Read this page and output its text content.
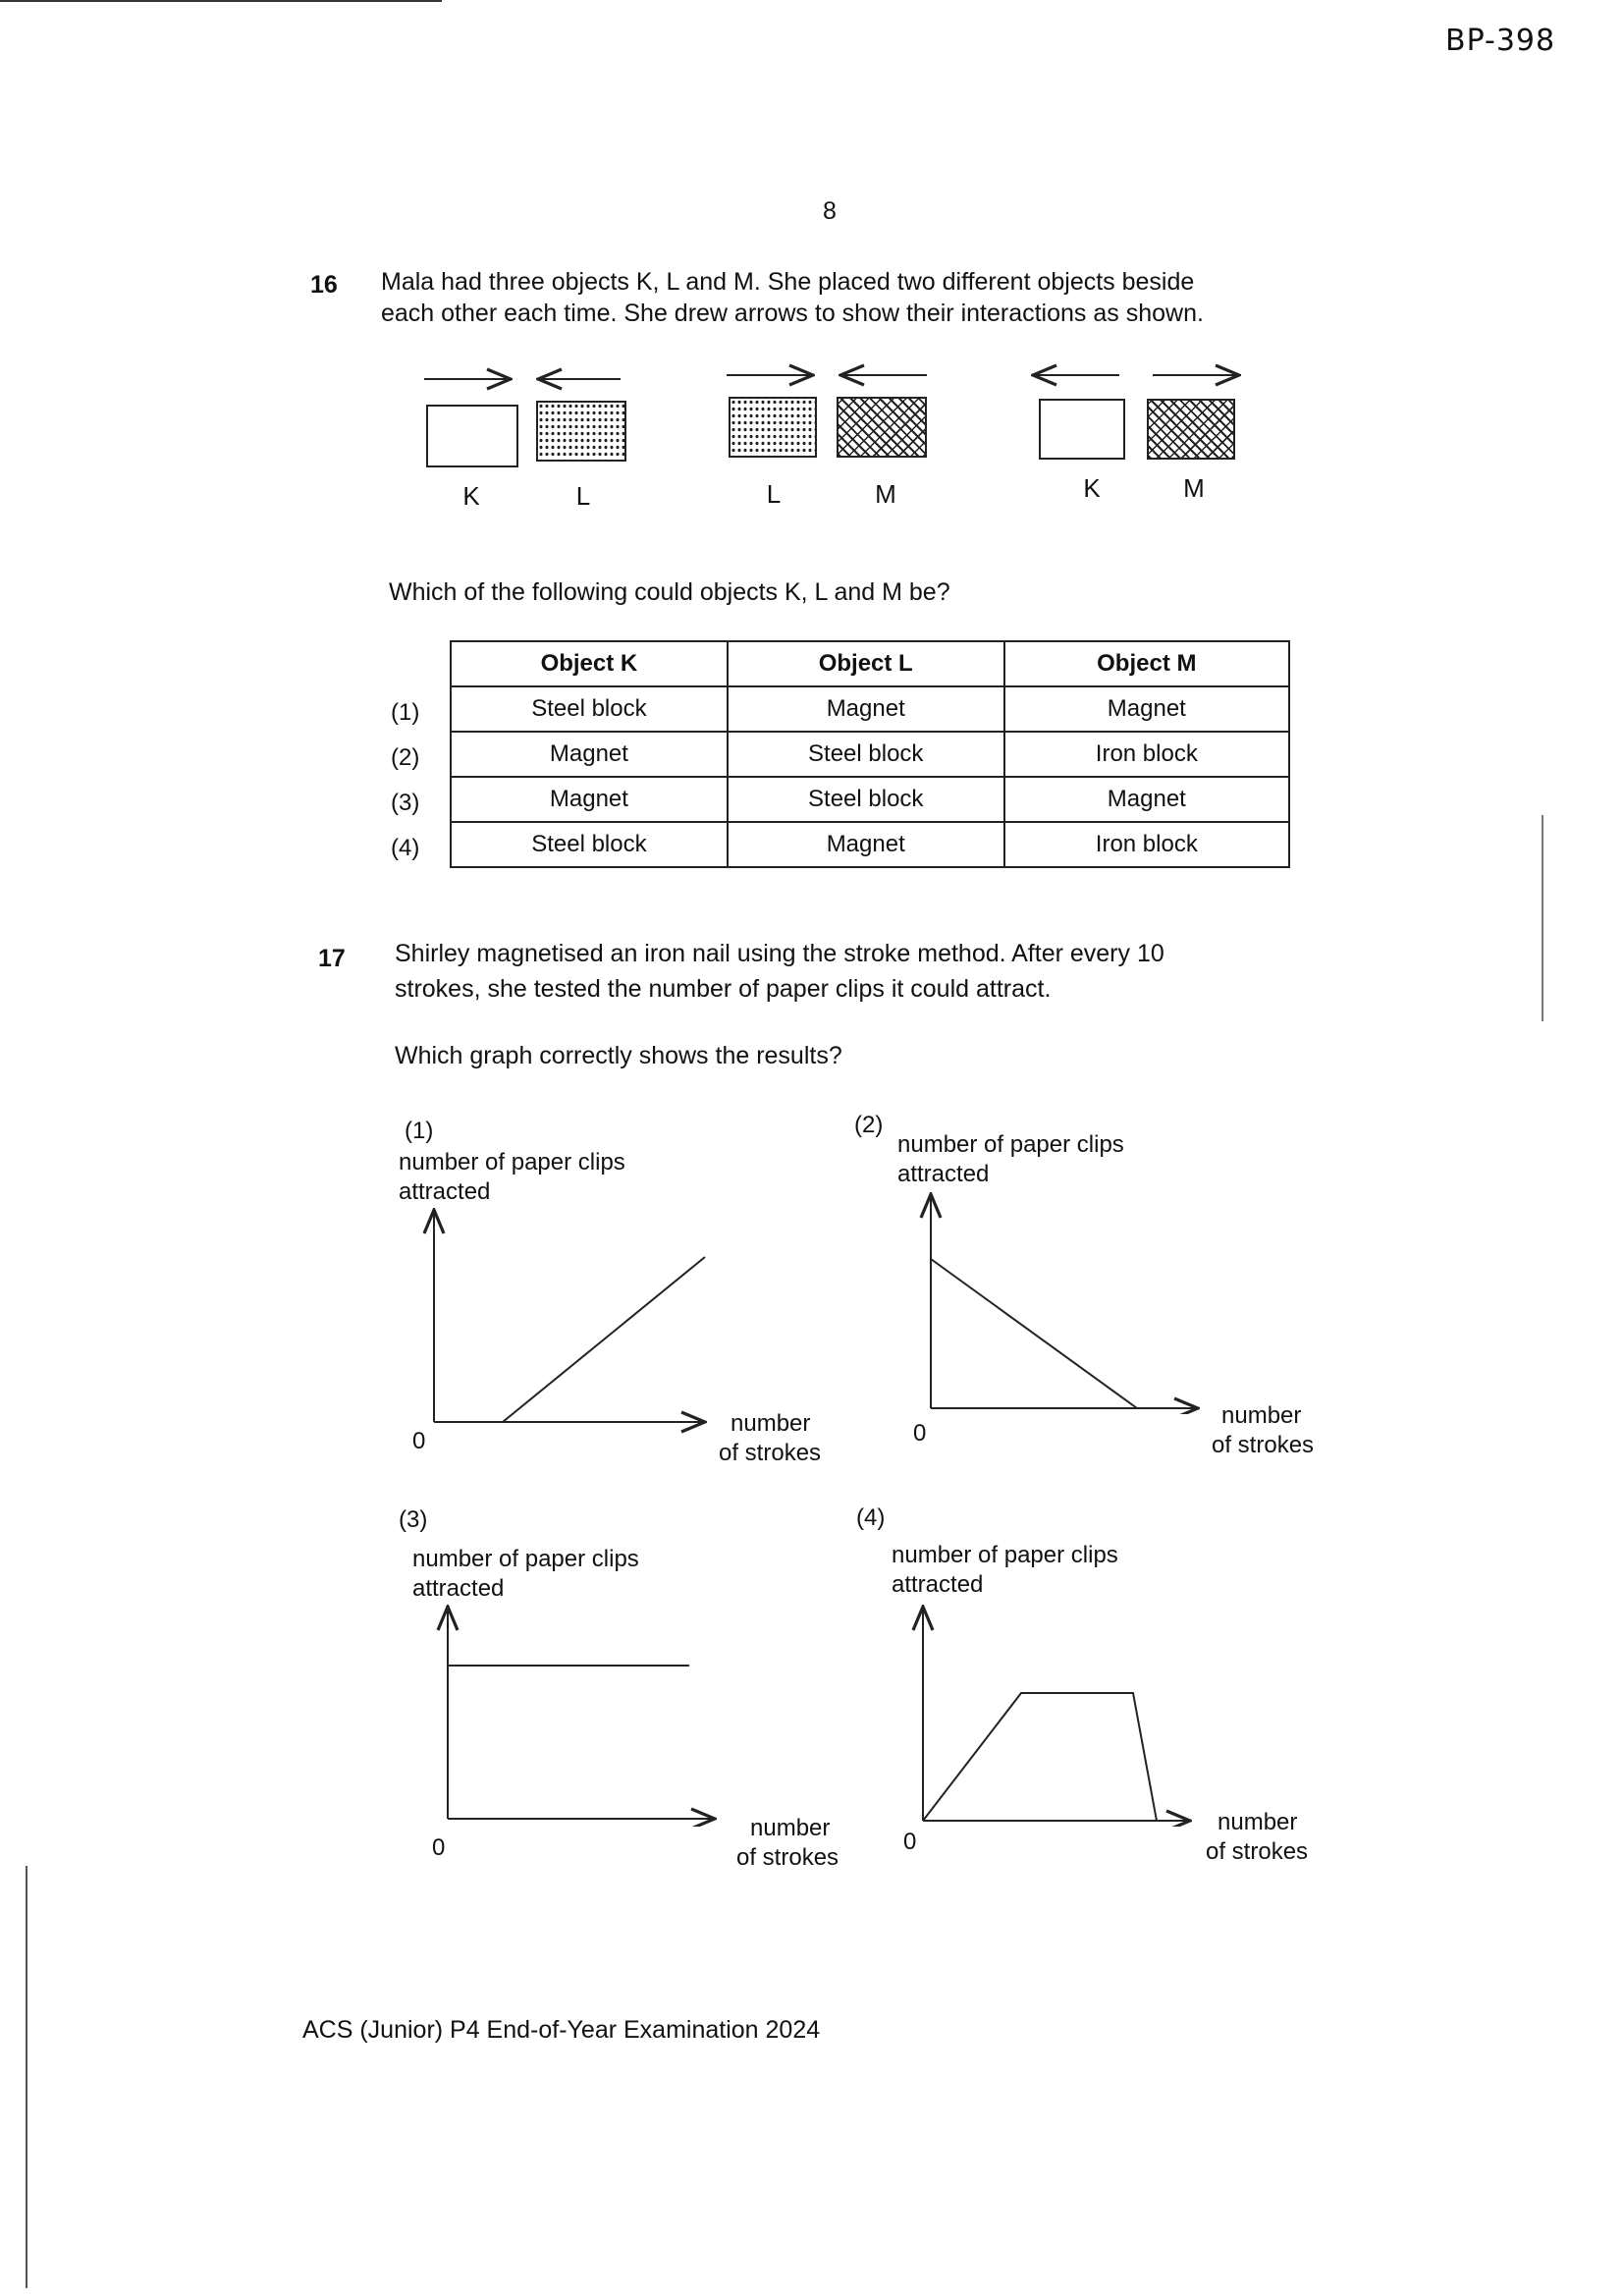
BP-398
8
16 Mala had three objects K, L and M. She placed two different objects beside
each other each time. She drew arrows to show their interactions as shown.
K	L	L	M	K	M
Which of the following could objects K, L and M be?
Object K	Object L	Object M
Steel block	Magnet	Magnet
Magnet	Steel block	Iron block
Magnet	Steel block	Magnet
Steel block	Magnet	Iron block
(1)
(2)
(3)
(4)
17 Shirley magnetised an iron nail using the stroke method. After every 10
strokes, she tested the number of paper clips it could attract.
Which graph correctly shows the results?
(1)
number of paper clips
attracted
0
number
of strokes
(2)
number of paper clips
attracted
0
number
of strokes
(3)
number of paper clips
attracted
0
number
of strokes
(4)
number of paper clips
attracted
0
number
of strokes
ACS (Junior) P4 End-of-Year Examination 2024
